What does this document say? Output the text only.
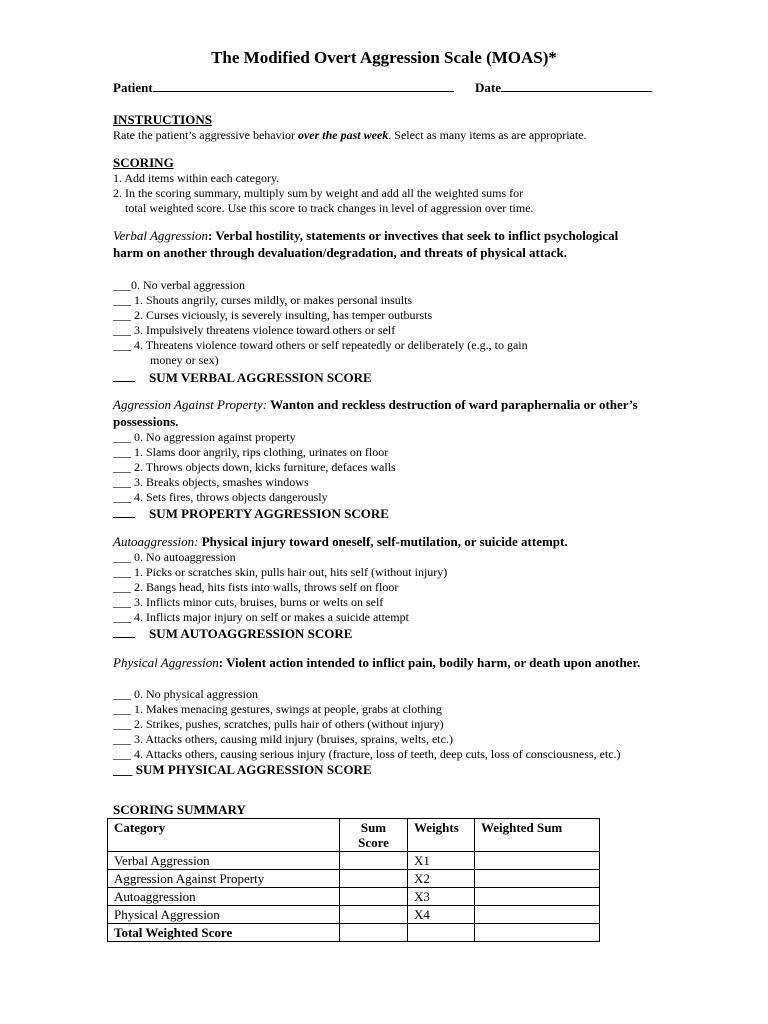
The Modified Overt Aggression Scale (MOAS)*
Patient	Date
INSTRUCTIONS
Rate the patient’s aggressive behavior over the past week. Select as many items as are appropriate.
SCORING
1. Add items within each category.
2. In the scoring summary, multiply sum by weight and add all the weighted sums for
total weighted score. Use this score to track changes in level of aggression over time.
Verbal Aggression: Verbal hostility, statements or invectives that seek to inflict psychological harm on another through devaluation/degradation, and threats of physical attack.
___0. No verbal aggression
___ 1. Shouts angrily, curses mildly, or makes personal insults
___ 2. Curses viciously, is severely insulting, has temper outbursts
___ 3. Impulsively threatens violence toward others or self
___ 4. Threatens violence toward others or self repeatedly or deliberately (e.g., to gain
money or sex)
SUM VERBAL AGGRESSION SCORE
Aggression Against Property: Wanton and reckless destruction of ward paraphernalia or other’s possessions.
___ 0. No aggression against property
___ 1. Slams door angrily, rips clothing, urinates on floor
___ 2. Throws objects down, kicks furniture, defaces walls
___ 3. Breaks objects, smashes windows
___ 4. Sets fires, throws objects dangerously
SUM PROPERTY AGGRESSION SCORE
Autoaggression: Physical injury toward oneself, self-mutilation, or suicide attempt.
___ 0. No autoaggression
___ 1. Picks or scratches skin, pulls hair out, hits self (without injury)
___ 2. Bangs head, hits fists into walls, throws self on floor
___ 3. Inflicts minor cuts, bruises, burns or welts on self
___ 4. Inflicts major injury on self or makes a suicide attempt
SUM AUTOAGGRESSION SCORE
Physical Aggression: Violent action intended to inflict pain, bodily harm, or death upon another.
___ 0. No physical aggression
___ 1. Makes menacing gestures, swings at people, grabs at clothing
___ 2. Strikes, pushes, scratches, pulls hair of others (without injury)
___ 3. Attacks others, causing mild injury (bruises, sprains, welts, etc.)
___ 4. Attacks others, causing serious injury (fracture, loss of teeth, deep cuts, loss of consciousness, etc.)
___ SUM PHYSICAL AGGRESSION SCORE
SCORING SUMMARY
Category	Sum Score	Weights	Weighted Sum
Verbal Aggression		X1	
Aggression Against Property		X2	
Autoaggression		X3	
Physical Aggression		X4	
Total Weighted Score			
